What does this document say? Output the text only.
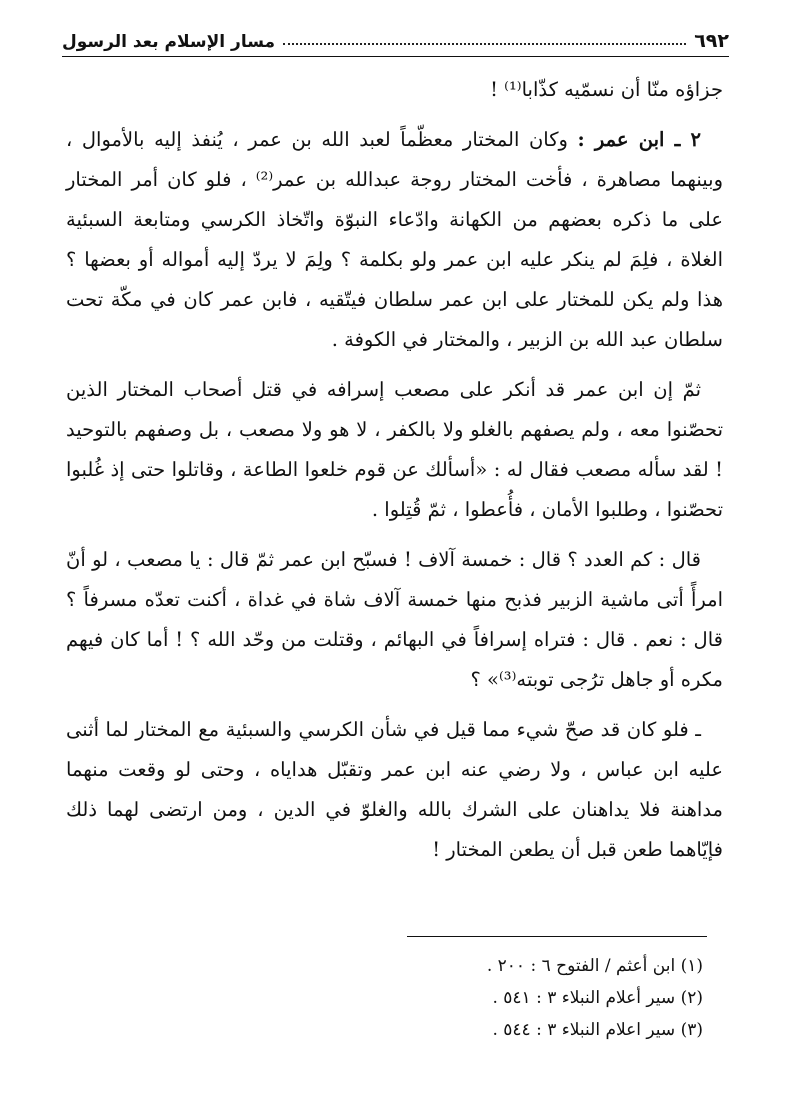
٦٩٢
مسار الإسلام بعد الرسول

جزاؤه منّا أن نسمّيه كذّابا⁽¹⁾ !

٢ ـ ابن عمر : وكان المختار معظّماً لعبد الله بن عمر ، يُنفذ إليه بالأموال ، وبينهما مصاهرة ، فأخت المختار روجة عبدالله بن عمر⁽²⁾ ، فلو كان أمر المختار على ما ذكره بعضهم من الكهانة وادّعاء النبوّة واتّخاذ الكرسي ومتابعة السبئية الغلاة ، فلِمَ لم ينكر عليه ابن عمر ولو بكلمة ؟ ولِمَ لا يردّ إليه أمواله أو بعضها ؟ هذا ولم يكن للمختار على ابن عمر سلطان فيتّقيه ، فابن عمر كان في مكّة تحت سلطان عبد الله بن الزبير ، والمختار في الكوفة .

ثمّ إن ابن عمر قد أنكر على مصعب إسرافه في قتل أصحاب المختار الذين تحصّنوا معه ، ولم يصفهم بالغلو ولا بالكفر ، لا هو ولا مصعب ، بل وصفهم بالتوحيد ! لقد سأله مصعب فقال له : «أسألك عن قوم خلعوا الطاعة ، وقاتلوا حتى إذ غُلبوا تحصّنوا ، وطلبوا الأمان ، فأُعطوا ، ثمّ قُتِلوا .

قال : كم العدد ؟ قال : خمسة آلاف ! فسبّح ابن عمر ثمّ قال : يا مصعب ، لو أنّ امرأً أتى ماشية الزبير فذبح منها خمسة آلاف شاة في غداة ، أكنت تعدّه مسرفاً ؟ قال : نعم . قال : فتراه إسرافاً في البهائم ، وقتلت من وحّد الله ؟ ! أما كان فيهم مكره أو جاهل ترُجى توبته⁽³⁾» ؟

ـ فلو كان قد صحّ شيء مما قيل في شأن الكرسي والسبئية مع المختار لما أثنى عليه ابن عباس ، ولا رضي عنه ابن عمر وتقبّل هداياه ، وحتى لو وقعت منهما مداهنة فلا يداهنان على الشرك بالله والغلوّ في الدين ، ومن ارتضى لهما ذلك فإيّاهما طعن قبل أن يطعن المختار !

(١) ابن أعثم / الفتوح ٦ : ٢٠٠ .

(٢) سير أعلام النبلاء ٣ : ٥٤١ .

(٣) سير اعلام النبلاء ٣ : ٥٤٤ .
